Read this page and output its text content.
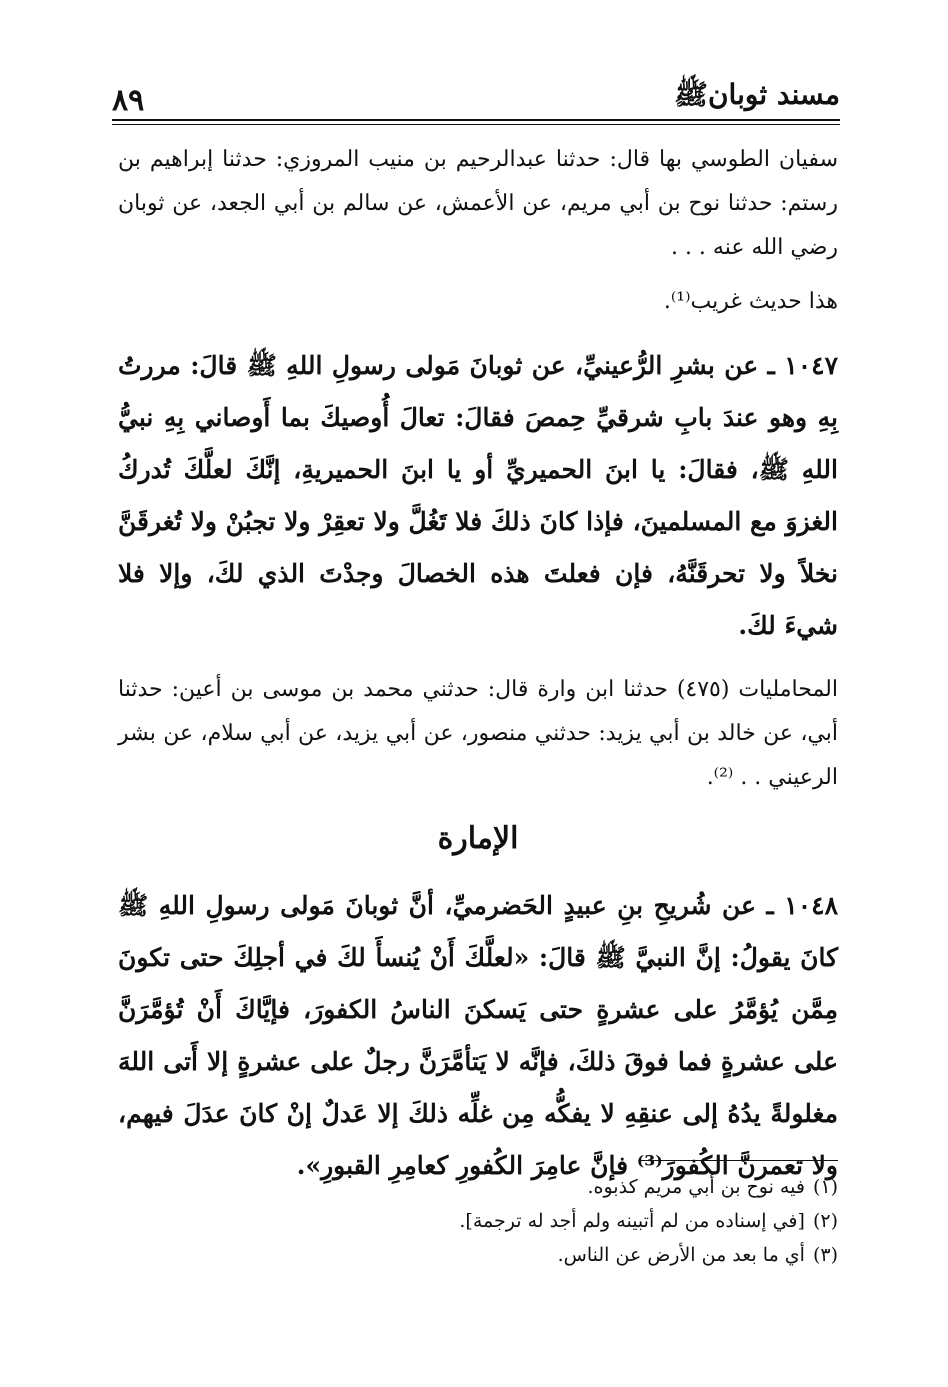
مسند ثوبانﷺ
٨٩

سفيان الطوسي بها قال: حدثنا عبدالرحيم بن منيب المروزي: حدثنا إبراهيم بن رستم: حدثنا نوح بن أبي مريم، عن الأعمش، عن سالم بن أبي الجعد، عن ثوبان رضي الله عنه . . .

هذا حديث غريب⁽¹⁾.

١٠٤٧ ـ عن بشرِ الرُّعينيِّ، عن ثوبانَ مَولى رسولِ اللهِ ﷺ قالَ: مررتُ بِهِ وهو عندَ بابِ شرقيِّ حِمصَ فقالَ: تعالَ أُوصيكَ بما أَوصاني بِهِ نبيُّ اللهِ ﷺ، فقالَ: يا ابنَ الحميريِّ أو يا ابنَ الحميريةِ، إنَّكَ لعلَّكَ تُدركُ الغزوَ مع المسلمينَ، فإذا كانَ ذلكَ فلا تَغُلَّ ولا تعقِرْ ولا تجبُنْ ولا تُغرقَنَّ نخلاً ولا تحرقَنَّهُ، فإن فعلتَ هذه الخصالَ وجدْتَ الذي لكَ، وإلا فلا شيءَ لكَ.

المحامليات (٤٧٥) حدثنا ابن وارة قال: حدثني محمد بن موسى بن أعين: حدثنا أبي، عن خالد بن أبي يزيد: حدثني منصور، عن أبي يزيد، عن أبي سلام، عن بشر الرعيني . . ⁽²⁾.

الإمارة

١٠٤٨ ـ عن شُريحِ بنِ عبيدٍ الحَضرميِّ، أنَّ ثوبانَ مَولى رسولِ اللهِ ﷺ كانَ يقولُ: إنَّ النبيَّ ﷺ قالَ: «لعلَّكَ أَنْ يُنسأَ لكَ في أجلِكَ حتى تكونَ مِمَّن يُؤمَّرُ على عشرةٍ حتى يَسكنَ الناسُ الكفورَ، فإيَّاكَ أَنْ تُؤمَّرَنَّ على عشرةٍ فما فوقَ ذلكَ، فإنَّه لا يَتأمَّرَنَّ رجلٌ على عشرةٍ إلا أَتى اللهَ مغلولةً يدُهُ إلى عنقِهِ لا يفكُّه مِن غلِّه ذلكَ إلا عَدلٌ إنْ كانَ عدَلَ فيهم، ولا تعمرنَّ الكُفورَ⁽³⁾ فإنَّ عامِرَ الكُفورِ كعامِرِ القبورِ».

(١)
فيه نوح بن أبي مريم كذبوه.
(٢)
[في إسناده من لم أتبينه ولم أجد له ترجمة].
(٣)
أي ما بعد من الأرض عن الناس.
